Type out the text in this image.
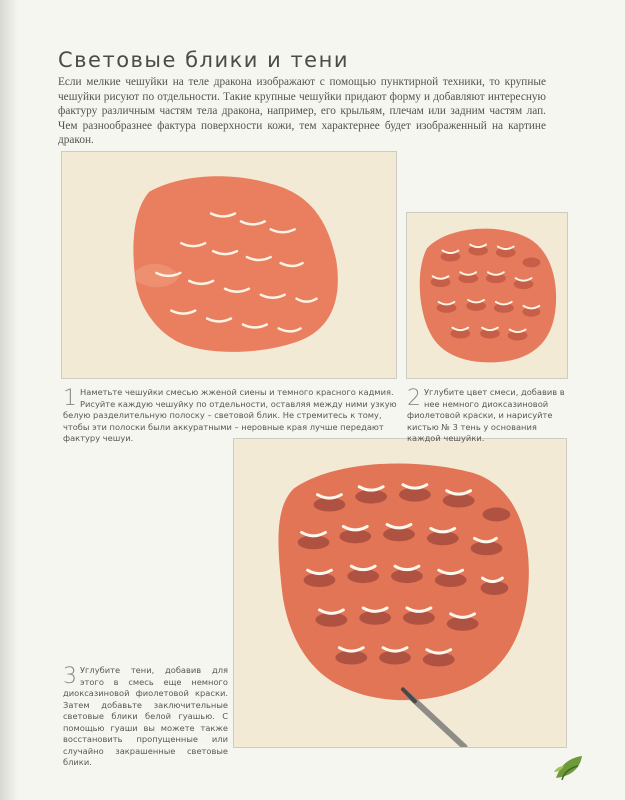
Световые блики и тени

Если мелкие чешуйки на теле дракона изображают с помощью пунктирной техники, то крупные чешуйки рисуют по отдельности. Такие крупные чешуйки придают форму и добавляют интересную фактуру различным частям тела дракона, например, его крыльям, плечам или задним частям лап. Чем разнообразнее фактура поверхности кожи, тем характернее будет изображенный на картине дракон.

1 Наметьте чешуйки смесью жженой сиены и темного красного кадмия. Рисуйте каждую чешуйку по отдельности, оставляя между ними узкую белую разделительную полоску – световой блик. Не стремитесь к тому, чтобы эти полоски были аккуратными – неровные края лучше передают фактуру чешуи.
2 Углубите цвет смеси, добавив в нее немного диоксазиновой фиолетовой краски, и нарисуйте кистью № 3 тень у основания каждой чешуйки.
3 Углубите тени, добавив для этого в смесь еще немного диоксазиновой фиолетовой краски. Затем добавьте заключительные световые блики белой гуашью. С помощью гуаши вы можете также восстановить пропущенные или случайно закрашенные световые блики.
